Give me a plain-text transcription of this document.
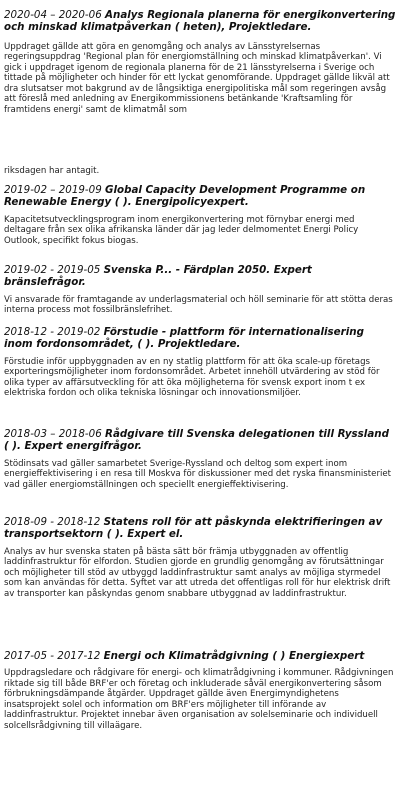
2020-04 – 2020-06 Analys Regionala planerna för energikonvertering och minskad klimatpåverkan ( heten), Projektledare.
Uppdraget gällde att göra en genomgång och analys av Länsstyrelsernas regeringsuppdrag 'Regional plan för energiomställning och minskad klimatpåverkan'. Vi gick i uppdraget igenom de regionala planerna för de 21 länsstyrelserna i Sverige och tittade på möjligheter och hinder för ett lyckat genomförande. Uppdraget gällde likväl att dra slutsatser mot bakgrund av de långsiktiga energipolitiska mål som regeringen avsåg att föreslå med anledning av Energikommissionens betänkande 'Kraftsamling för framtidens energi' samt de klimatmål som
riksdagen har antagit.
2019-02 – 2019-09 Global Capacity Development Programme on Renewable Energy ( ). Energipolicyexpert.
Kapacitetsutvecklingsprogram inom energikonvertering mot förnybar energi med deltagare från sex olika afrikanska länder där jag leder delmomentet Energi Policy Outlook, specifikt fokus biogas.
2019-02 - 2019-05 Svenska P... - Färdplan 2050. Expert bränslefrågor.
Vi ansvarade för framtagande av underlagsmaterial och höll seminarie för att stötta deras interna process mot fossilbränslefrihet.
2018-12 - 2019-02 Förstudie - plattform för internationalisering inom fordonsområdet, ( ). Projektledare.
Förstudie inför uppbyggnaden av en ny statlig plattform för att öka scale-up företags exporteringsmöjligheter inom fordonsområdet. Arbetet innehöll utvärdering av stöd för olika typer av affärsutveckling för att öka möjligheterna för svensk export inom t ex elektriska fordon och olika tekniska lösningar och innovationsmiljöer.
2018-03 – 2018-06 Rådgivare till Svenska delegationen till Ryssland ( ). Expert energifrågor.
Stödinsats vad gäller samarbetet Sverige-Ryssland och deltog som expert inom energieffektivisering i en resa till Moskva för diskussioner med det ryska finansministeriet vad gäller energiomställningen och speciellt energieffektivisering.
2018-09 - 2018-12 Statens roll för att påskynda elektrifieringen av transportsektorn ( ). Expert el.
Analys av hur svenska staten på bästa sätt bör främja utbyggnaden av offentlig laddinfrastruktur för elfordon. Studien gjorde en grundlig genomgång av förutsättningar och möjligheter till stöd av utbyggd laddinfrastruktur samt analys av möjliga styrmedel som kan användas för detta. Syftet var att utreda det offentligas roll för hur elektrisk drift av transporter kan påskyndas genom snabbare utbyggnad av laddinfrastruktur.
2017-05 - 2017-12 Energi och Klimatrådgivning ( ) Energiexpert
Uppdragsledare och rådgivare för energi- och klimatrådgivning i kommuner. Rådgivningen riktade sig till både BRF'er och företag och inkluderade såväl energikonvertering såsom förbrukningsdämpande åtgärder. Uppdraget gällde även Energimyndighetens insatsprojekt solel och information om BRF'ers möjligheter till införande av laddinfrastruktur. Projektet innebar även organisation av solelseminarie och individuell solcellsrådgivning till villaägare.
